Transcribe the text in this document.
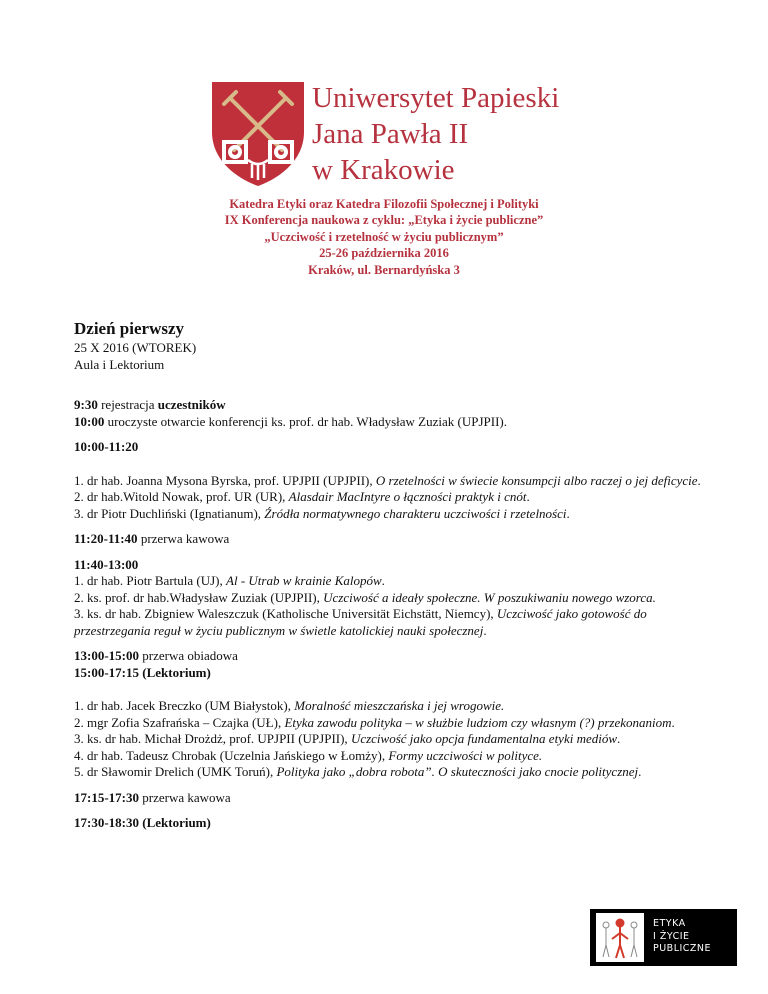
Uniwersytet Papieski
Jana Pawła II
w Krakowie
Katedra Etyki oraz Katedra Filozofii Społecznej i Polityki
IX Konferencja naukowa z cyklu: „Etyka i życie publiczne”
„Uczciwość i rzetelność w życiu publicznym”
25-26 października 2016
Kraków, ul. Bernardyńska 3
Dzień pierwszy

25 X 2016 (WTOREK)

Aula i Lektorium

9:30 rejestracja uczestników

10:00 uroczyste otwarcie konferencji ks. prof. dr hab. Władysław Zuziak (UPJPII).

10:00-11:20

1. dr hab. Joanna Mysona Byrska, prof. UPJPII (UPJPII), O rzetelności w świecie konsumpcji albo raczej o jej deficycie.

2. dr hab.Witold Nowak, prof. UR (UR), Alasdair MacIntyre o łączności praktyk i cnót.

3. dr Piotr Duchliński (Ignatianum), Źródła normatywnego charakteru uczciwości i rzetelności.

11:20-11:40 przerwa kawowa

11:40-13:00

1. dr hab. Piotr Bartula (UJ), Al - Utrab w krainie Kalopów.

2. ks. prof. dr hab.Władysław Zuziak (UPJPII), Uczciwość a ideały społeczne. W poszukiwaniu nowego wzorca.

3. ks. dr hab. Zbigniew Waleszczuk (Katholische Universität Eichstätt, Niemcy), Uczciwość jako gotowość do przestrzegania reguł w życiu publicznym w świetle katolickiej nauki społecznej.

13:00-15:00 przerwa obiadowa

15:00-17:15 (Lektorium)

1. dr hab. Jacek Breczko (UM Białystok), Moralność mieszczańska i jej wrogowie.

2. mgr Zofia Szafrańska – Czajka (UŁ), Etyka zawodu polityka – w służbie ludziom czy własnym (?) przekonaniom.

3. ks. dr hab. Michał Drożdż, prof. UPJPII (UPJPII), Uczciwość jako opcja fundamentalna etyki mediów.

4. dr hab. Tadeusz Chrobak (Uczelnia Jańskiego w Łomży), Formy uczciwości w polityce.

5. dr Sławomir Drelich (UMK Toruń), Polityka jako „dobra robota”. O skuteczności jako cnocie politycznej.

17:15-17:30 przerwa kawowa

17:30-18:30 (Lektorium)

ETYKA
I ŻYCIE
PUBLICZNE
